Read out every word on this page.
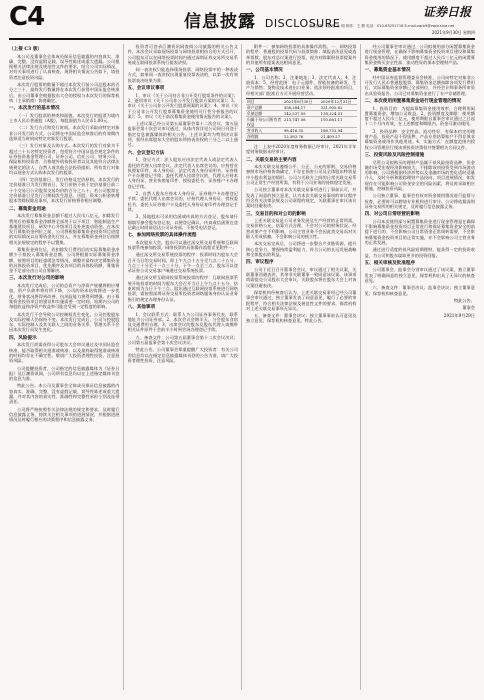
C4	信息披露 DISCLOSURE
证券日报
责任编辑：董 瑾 孙 明 制作：王 敬 电话：010-83251716 E-mail:zqrb9@zqrb.sina.net
2021年9月30日 星期四
（上接 C3 版）

本公司及董事会全体成员保证信息披露的内容真实、准确、完整，没有虚假记载、误导性陈述或重大遗漏。公司根据相关法律法规及规范性文件的要求，结合公司实际情况，对有关事项进行了认真核查，现将相关情况公告如下，请投资者注意投资风险。

本次发行股票的数量不超过本次发行前公司总股本的百分之三十，最终发行数量将在本次发行获得中国证监会核准后，由公司董事会根据股东大会的授权与本次发行的保荐机构（主承销商）协商确定。

一、本次发行的基本情况

（一）发行股票的种类和面值。本次发行的股票为境内上市人民币普通股（A股），每股面值为人民币1.00元。

（二）发行方式和发行时间。本次发行采取向特定对象非公开发行的方式，公司将在中国证监会核准后的有效期内选择适当时机向特定对象发行股票。

（三）发行对象及认购方式。本次发行的发行对象为不超过三十五名特定投资者，包括符合中国证监会规定条件的证券投资基金管理公司、证券公司、信托公司、财务公司、保险机构投资者、合格境外机构投资者以及其他符合法律法规规定的法人、自然人或其他合法投资组织。所有发行对象均以现金方式认购本次发行的股票。

（四）定价基准日、发行价格及定价原则。本次发行的定价基准日为发行期首日，发行价格不低于定价基准日前二十个交易日公司股票交易均价的百分之八十。若公司股票在定价基准日至发行日期间发生派息、送股、资本公积金转增股本等除权除息事项，本次发行价格将作相应调整。

二、募集资金用途

本次发行募集资金总额不超过人民币八亿元，扣除发行费用后的募集资金净额将全部用于以下项目：智能制造生产基地建设项目、研发中心升级项目及补充流动资金。在本次发行募集资金到位之前，公司将根据募集资金投资项目进度的实际情况以自筹资金先行投入，并在募集资金到位后按照相关法规规定的程序予以置换。

募集资金到位后，若扣除发行费用后的实际募集资金净额少于拟投入募集资金总额，公司将根据实际募集资金净额，按照项目的轻重缓急等情况，调整并最终决定募集资金的具体投资项目、优先顺序及各项目的具体投资额，募集资金不足部分由公司自筹解决。

三、本次发行对公司的影响

本次发行完成后，公司的总资产与净资产规模将相应增加，资产负债率将有所下降，公司的资本结构将进一步优化，财务状况将得到改善，抗风险能力将得到增强。由于募集资金投资项目的建设和实施需要一定时间，短期内公司的每股收益和净资产收益率可能会受到一定程度的影响。

本次发行不会导致公司控制权发生变化，公司控股股东及实际控制人仍保持不变。本次发行完成后，公司与控股股东、实际控制人及其关联人之间的业务关系、管理关系不会因本次发行而发生变化。

四、风险提示

本次发行尚需获得公司股东大会审议通过及中国证监会核准，能否取得相关批准或核准，以及最终取得批准或核准的时间均存在不确定性。敬请广大投资者理性投资，注意投资风险。

公司提醒投资者，公司指定的信息披露媒体为《证券日报》及巨潮资讯网，公司所有信息均以在上述指定媒体刊登的信息为准。

特此公告。本公司及董事会全体成员保证信息披露的内容真实、准确、完整，没有虚假记载、误导性陈述或重大遗漏，并对其内容的真实性、准确性和完整性承担个别及连带责任。

公司将严格按照有关法律法规的规定和要求，及时履行信息披露义务，持续关注相关事项的进展情况，并根据进展情况及时履行相应的决策程序和信息披露义务。

投资者可登录巨潮资讯网查阅公司披露的相关公告文件。本次会议采取现场投票与网络投票相结合的方式召开，公司股东可以在网络投票时间内通过深圳证券交易所交易系统或互联网投票系统行使表决权。

同一表决权只能选择现场投票、网络投票中的一种表决方式，如果同一表决权出现重复投票表决的，以第一次有效投票表决结果为准。

五、会议审议事项

1、审议《关于公司符合非公开发行股票条件的议案》；2、逐项审议《关于公司非公开发行股票方案的议案》；3、审议《关于公司非公开发行股票预案的议案》；4、审议《关于公司非公开发行股票募集资金使用可行性分析报告的议案》；5、审议《关于前次募集资金使用情况报告的议案》。

上述议案已经公司第五届董事会第十二次会议、第五届监事会第十次会议审议通过，具体内容详见公司同日刊登于指定信息披露媒体的相关公告。上述议案均为特别决议事项，须经出席股东大会的股东所持表决权的三分之二以上通过。

六、会议登记方法

1、登记方式：法人股东应由法定代表人或法定代表人委托的代理人出席会议。法定代表人出席会议的，应持营业执照复印件、本人身份证、法定代表人身份证明书、证券账户卡办理登记手续；委托代理人出席会议的，代理人应持本人身份证、营业执照复印件、授权委托书、证券账户卡办理登记手续。

2、自然人股东应持本人身份证、证券账户卡办理登记手续；委托代理人出席会议的，应持代理人身份证、授权委托书、委托人证券账户卡及委托人身份证复印件办理登记手续。

3、异地股东可采用信函或传真的方式登记，股东请仔细填写参会股东登记表，以便登记确认。传真或信函须在登记截止时间前送达公司证券部，不接受电话登记。

七、参加网络投票的具体操作流程

本次股东大会，股东可以通过深交所交易系统和互联网投票系统参加投票，网络投票的具体操作流程详见附件一。

通过深交所交易系统投票的程序：投票时间为股东大会召开当日的交易时间，即上午九点十五分至九点二十五分、九点三十分至十一点三十分，下午一点至三点。股东可以登录证券公司交易客户端通过交易系统投票。

通过深交所互联网投票系统投票的程序：互联网投票系统开始投票的时间为股东大会召开当日上午九点十五分，结束时间为当日下午三点。股东通过互联网投票系统进行网络投票，需按照深圳证券交易所投资者网络服务身份认证业务指引的规定办理身份认证。

八、其他事项

1、会议联系方式：联系人为公司证券事务代表，联系地址为公司证券部。2、本次会议会期半天，与会股东食宿及交通费用自理。3、出席会议的股东及股东代理人请携带相关证件原件于会前半小时到会场办理登记手续。

九、备查文件：公司第五届董事会第十二次会议决议；公司第五届监事会第十次会议决议。

特此公告。公司董事会郑重提醒广大投资者：有关公司的信息均以在指定信息披露媒体刊登的公告为准，请广大投资者理性投资，注意风险。

附件一：参加网络投票的具体操作流程。一、网络投票的程序：普通股的投票代码与投票简称；填报表决意见或选举票数；股东对总议案进行投票，视为对除累积投票提案外的其他所有提案表达相同意见。

一、公司基本情况

1、公司名称；2、注册地址；3、法定代表人；4、注册资本；5、经营范围：电子元器件、智能装备的研发、生产与销售；货物及技术进出口业务；依法须经批准的项目，经相关部门批准后方可开展经营活动。

项目	2021年6月30日	2020年12月31日
资产总额	356,284.17	331,905.62
负债总额	142,537.09	138,224.51
归属于母公司所有者权益
213,747.08	193,681.11
营业收入	98,416.35	186,732.94
净利润	12,583.76	21,409.27

注：上表中2020年度财务数据已经审计，2021年半年度财务数据未经审计。

二、关联交易的主要内容

本次关联交易遵循公平、公正、公允的原则，交易价格参照市场价格协商确定，不存在损害公司及全体股东特别是中小股东利益的情形。公司与关联方之间的日常关联交易系公司正常生产经营所需，有利于公司业务的持续稳定发展。

公司独立董事对本次关联交易事项进行了事前认可，并发表了同意的独立意见，认为本次关联交易事项的审议程序符合有关法律法规及公司章程的规定，关联董事在审议该议案时回避表决。

三、交易目的和对公司的影响

上述关联交易是公司业务发展及生产经营的正常所需，交易价格公允，结算方式合理，不会对公司的财务状况、经营成果产生不利影响，公司主营业务不会因此类交易而对关联人形成依赖，不会影响公司的独立性。

本次交易完成后，公司将进一步整合产业链资源，提升核心竞争力，增强持续盈利能力，符合公司的长远发展战略和全体股东的利益。

四、审议程序

公司于近日召开董事会会议，审议通过了相关议案，关联董事回避表决，其余非关联董事一致同意该议案。该事项尚需提交公司股东大会审议，关联股东将在股东大会上对该议案回避表决。

保荐机构经核查后认为，上述关联交易事项已经公司董事会审议通过，独立董事发表了同意意见，履行了必要的审批程序，符合相关法律法规及规范性文件的要求，保荐机构对上述关联交易事项无异议。

五、备查文件：董事会决议；独立董事事前认可意见及独立意见；保荐机构核查意见。特此公告。

经公司董事会审议通过，公司拟使用部分闲置募集资金进行现金管理，在确保不影响募集资金投资项目建设和募集资金使用的情况下，使用额度不超过人民币三亿元的闲置募集资金购买安全性高、流动性好的保本型理财产品。

一、募集资金基本情况

经中国证券监督管理委员会核准，公司向特定对象非公开发行人民币普通股股票，募集资金总额扣除各项发行费用后，实际募集资金净额已全部到位，并经会计师事务所审验出具验资报告。公司已对募集资金进行了专户存储管理。

二、本次使用闲置募集资金进行现金管理的情况

1、投资目的：为提高募集资金使用效率，合理利用闲置募集资金，增加公司收益。2、投资额度及期限：使用额度不超过人民币三亿元，使用期限自董事会审议通过之日起十二个月内有效，在上述额度和期限内，资金可滚动使用。

3、投资品种：安全性高、流动性好、有保本约定的理财产品，投资产品不得质押，产品专用结算账户不得存放非募集资金或用作其他用途。4、实施方式：在额度范围内授权公司管理层行使该项投资决策权并签署相关合同文件。

三、投资风险及风险控制措施

尽管公司拟购买的理财产品属于低风险投资品种，但金融市场受宏观经济影响较大，不排除该项投资受到市场波动的影响。公司将根据经济形势以及金融市场的变化适时适量介入，及时分析和跟踪理财产品投向、项目进展情况，如发现存在可能影响公司资金安全的风险因素，将及时采取相应措施，控制投资风险。

公司独立董事、监事会有权对资金使用情况进行监督与检查，必要时可以聘请专业机构进行审计。公司将依据深圳证券交易所的相关规定，及时履行信息披露义务。

四、对公司日常经营的影响

公司本次使用部分闲置募集资金进行现金管理是在确保不影响募集资金投资项目正常进行和保证募集资金安全的前提下进行的，不会影响公司日常资金正常周转需要，不会影响募集资金投资项目的正常实施，亦不会影响公司主营业务的正常发展。

通过进行适度的低风险短期理财，能获得一定的投资收益，为公司和股东谋取更多的投资回报。

五、相关审核及批准程序

公司董事会、监事会分别审议通过了该议案，独立董事发表了明确同意的独立意见，保荐机构出具了无异议的核查意见。

六、备查文件：董事会决议；监事会决议；独立董事意见；保荐机构核查意见。

特此公告。
董事会
2021年9月29日
